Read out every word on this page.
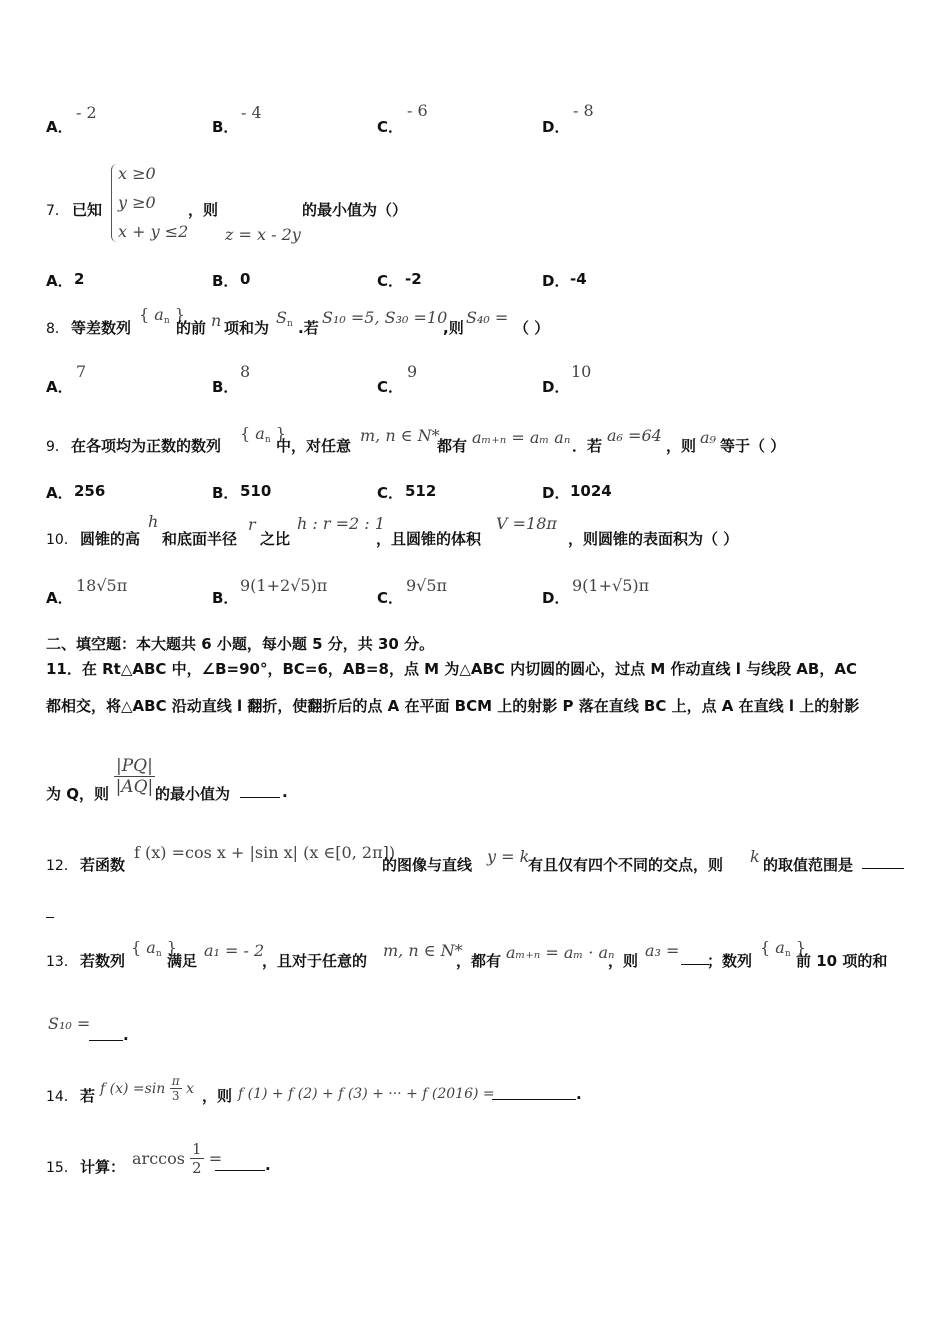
A．
- 2
B．
- 4
C．
- 6
D．
- 8
7． 已知
x ≥0
y ≥0
x + y ≤2
，则
z = x - 2y
的最小值为（）
A． 2	B． 0	C． -2	D． -4
8． 等差数列
{ $a_n$ }
的前 n 项和为
$S_n$ .若
S₁₀ =5, S₃₀ =10
,则
S₄₀ =
（ ）
A．
7
B．
8
C．
9
D．
10
9． 在各项均为正数的数列
{ $a_n$ }
中，对任意
m, n ∈ N*
都有 aₘ₊ₙ = aₘ aₙ ．若
a₆ =64
，则 a₉ 等于（ ）
A． 256	B． 510	C． 512	D． 1024
10． 圆锥的高
h
和底面半径
r
之比
h : r =2 : 1
，且圆锥的体积
V =18π
，则圆锥的表面积为（ ）
A．
18√5π
B．
9(1+2√5)π
C．
9√5π
D．
9(1+√5)π
二、填空题：本大题共 6 小题，每小题 5 分，共 30 分。
11．在 Rt△ABC 中，∠B=90°，BC=6，AB=8，点 M 为△ABC 内切圆的圆心，过点 M 作动直线 l 与线段 AB，AC
都相交，将△ABC 沿动直线 l 翻折，使翻折后的点 A 在平面 BCM 上的射影 P 落在直线 BC 上，点 A 在直线 l 上的射影
为 Q，则 $\frac{|PQ|}{|AQ|}$ 的最小值为	.
12． 若函数
f (x) =cos x + |sin x| (x ∈[0, 2π])
的图像与直线 y = k
有且仅有四个不同的交点，则 k 的取值范围是
13． 若数列
{ $a_n$ }
满足
a₁ = - 2
，且对于任意的
m, n ∈ N*
，都有 aₘ₊ₙ = aₘ · aₙ
，则
a₃ =
；数列
{ $a_n$ }
前 10 项的和
S₁₀ =
.
14． 若 f $(x) =\sin \frac{\pi}{3}$ x ，则 f (1) + f (2) + f (3) + ··· + f (2016) =	.
15． 计算： $\arccos \frac{1}{2}$ =	.
